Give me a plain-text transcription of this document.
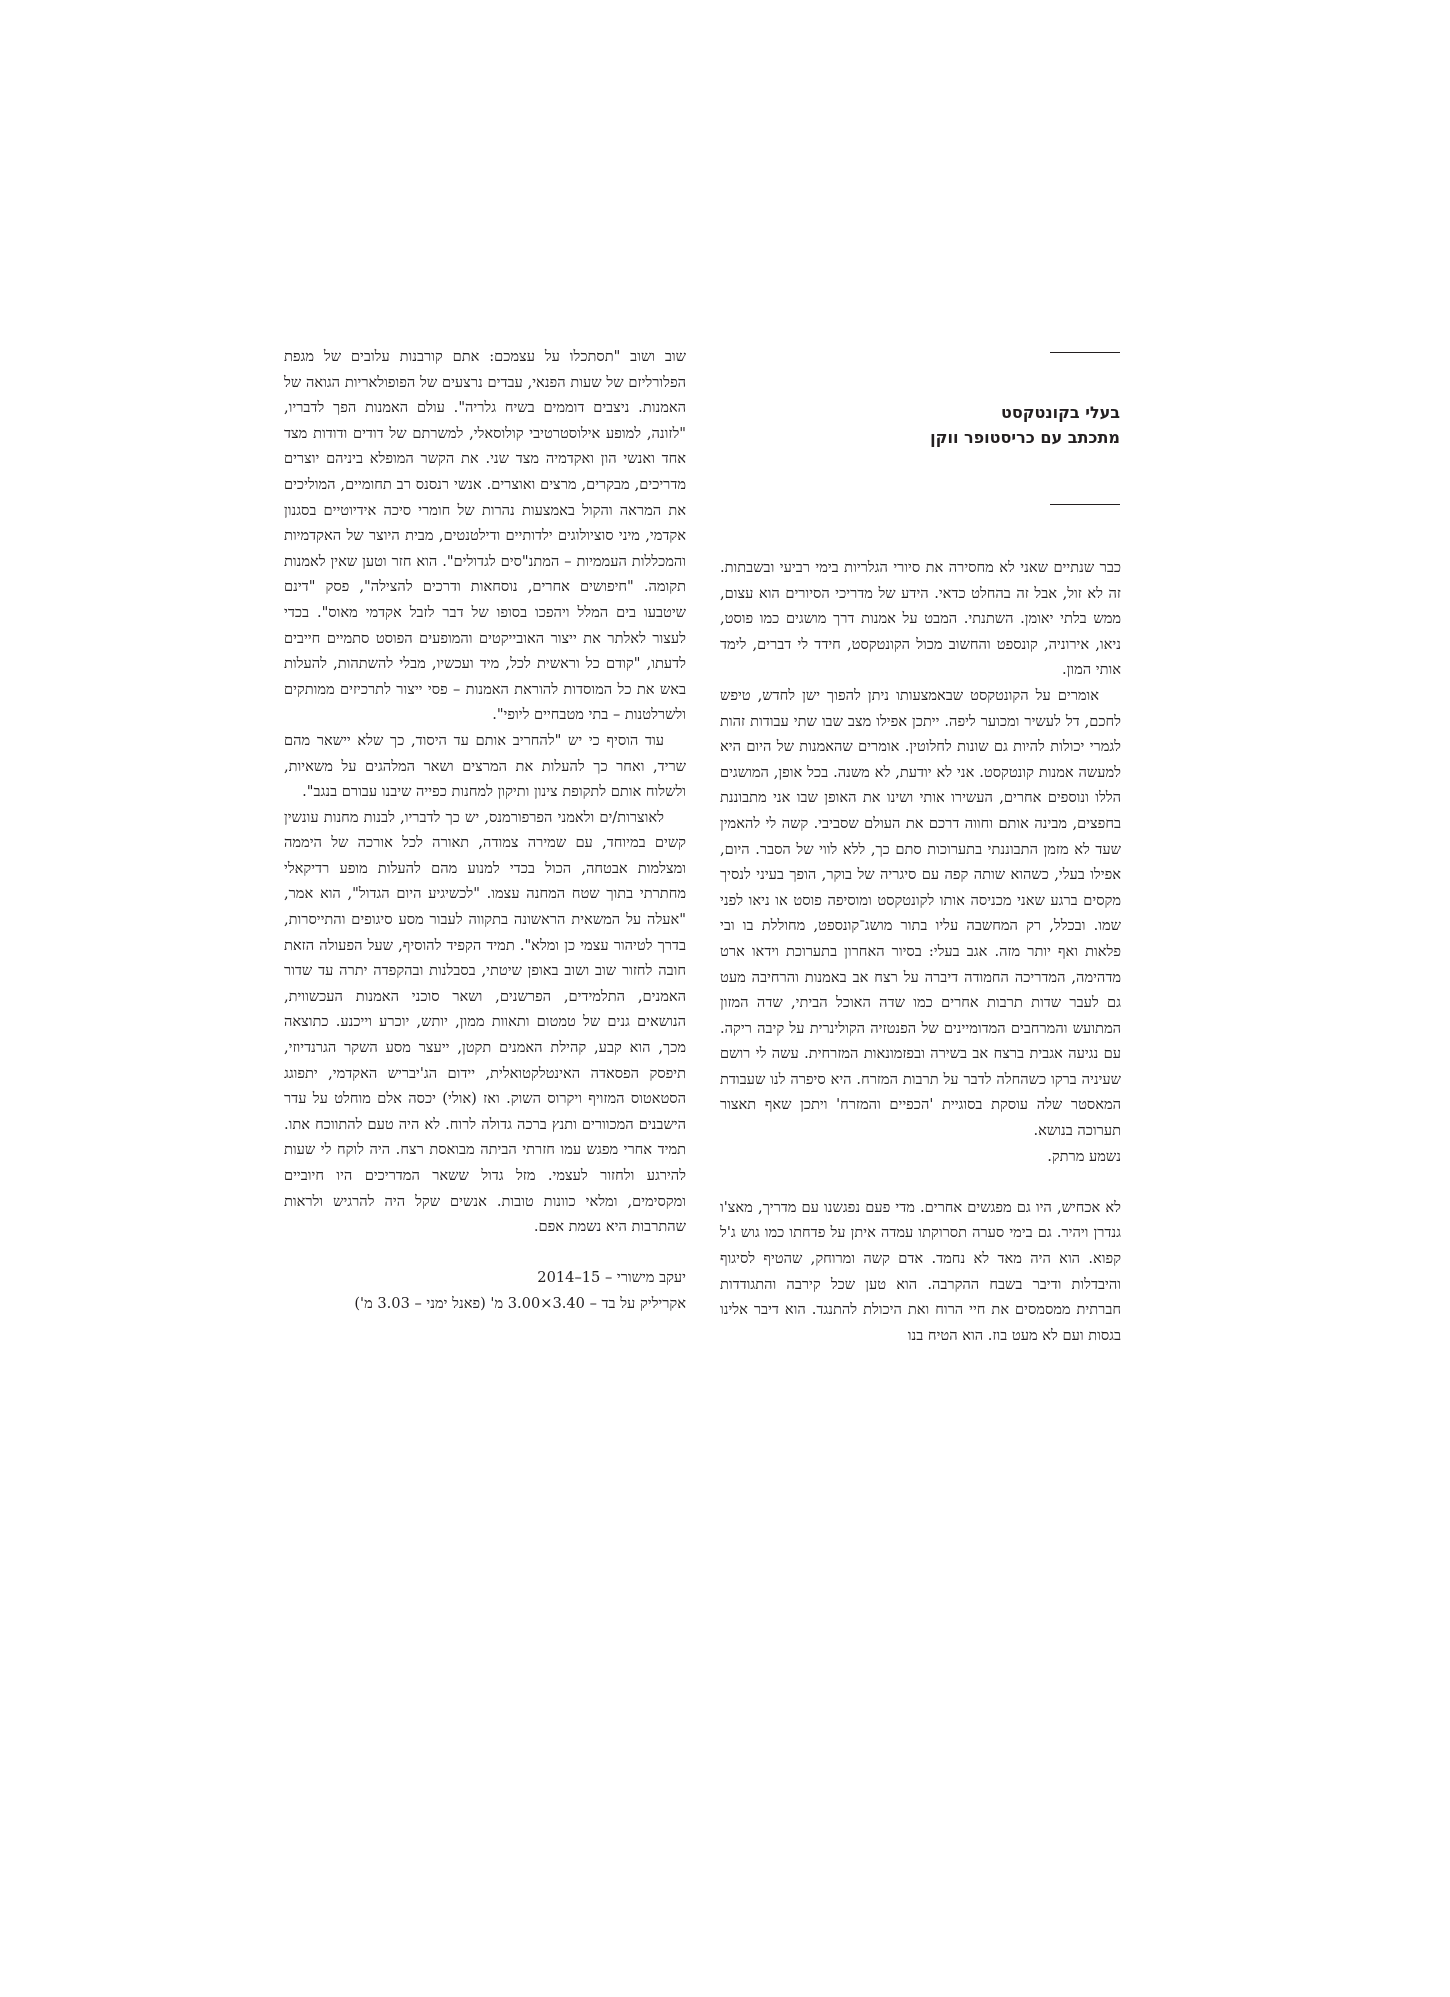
בעלי בקונטקסט
מתכתב עם כריסטופר ווקן

כבר שנתיים שאני לא מחסירה את סיורי הגלריות בימי רביעי ובשבתות. זה לא זול, אבל זה בהחלט כדאי. הידע של מדריכי הסיורים הוא עצום, ממש בלתי יאומן. השתנתי. המבט על אמנות דרך מושגים כמו פוסט, ניאו, אירוניה, קונספט והחשוב מכול הקונטקסט, חידד לי דברים, לימד אותי המון.

אומרים על הקונטקסט שבאמצעותו ניתן להפוך ישן לחדש, טיפש לחכם, דל לעשיר ומכוער ליפה. ייתכן אפילו מצב שבו שתי עבודות זהות לגמרי יכולות להיות גם שונות לחלוטין. אומרים שהאמנות של היום היא למעשה אמנות קונטקסט. אני לא יודעת, לא משנה. בכל אופן, המושגים הללו ונוספים אחרים, העשירו אותי ושינו את האופן שבו אני מתבוננת בחפצים, מבינה אותם וחווה דרכם את העולם שסביבי. קשה לי להאמין שעד לא מזמן התבוננתי בתערוכות סתם כך, ללא לווי של הסבר. היום, אפילו בעלי, כשהוא שותה קפה עם סיגריה של בוקר, הופך בעיני לנסיך מקסים ברגע שאני מכניסה אותו לקונטקסט ומוסיפה פוסט או ניאו לפני שמו. ובכלל, רק המחשבה עליו בתור מושג־קונספט, מחוללת בו ובי פלאות ואף יותר מזה. אגב בעלי: בסיור האחרון בתערוכת וידאו ארט מדהימה, המדריכה החמודה דיברה על רצח אב באמנות והרחיבה מעט גם לעבר שדות תרבות אחרים כמו שדה האוכל הביתי, שדה המזון המתועש והמרחבים המדומיינים של הפנטזיה הקולינרית על קיבה ריקה. עם נגיעה אגבית ברצח אב בשירה ובפזמונאות המזרחית. עשה לי רושם שעיניה ברקו כשהחלה לדבר על תרבות המזרח. היא סיפרה לנו שעבודת המאסטר שלה עוסקת בסוגיית 'הכפיים והמזרח' ויתכן שאף תאצור תערוכה בנושא.

נשמע מרתק.

לא אכחיש, היו גם מפגשים אחרים. מדי פעם נפגשנו עם מדריך, מאצ'ו גנדרן ויהיר. גם בימי סערה תסרוקתו עמדה איתן על פדחתו כמו גוש ג'ל קפוא. הוא היה מאד לא נחמד. אדם קשה ומרוחק, שהטיף לסיגוף והיבדלות ודיבר בשבח ההקרבה. הוא טען שכל קירבה והתגודדות חברתית ממסמסים את חיי הרוח ואת היכולת להתנגד. הוא דיבר אלינו בגסות ועם לא מעט בוז. הוא הטיח בנו

שוב ושוב "תסתכלו על עצמכם: אתם קורבנות עלובים של מגפת הפלורליזם של שעות הפנאי, עבדים נרצעים של הפופולאריות הגואה של האמנות. ניצבים דוממים בשיח גלריה". עולם האמנות הפך לדבריו, "לזונה, למופע אילוסטרטיבי קולוסאלי, למשרתם של דודים ודודות מצד אחד ואנשי הון ואקדמיה מצד שני. את הקשר המופלא ביניהם יוצרים מדריכים, מבקרים, מרצים ואוצרים. אנשי רנסנס רב תחומיים, המוליכים את המראה והקול באמצעות נהרות של חומרי סיכה אידיוטיים בסגנון אקדמי, מיני סוציולוגים ילדותיים ודילטנטים, מבית היוצר של האקדמיות והמכללות העממיות – המתנ"סים לגדולים". הוא חזר וטען שאין לאמנות תקומה. "חיפושים אחרים, נוסחאות ודרכים להצילה", פסק "דינם שיטבעו בים המלל ויהפכו בסופו של דבר לזבל אקדמי מאוס". בכדי לעצור לאלתר את ייצור האובייקטים והמופעים הפוסט סתמיים חייבים לדעתו, "קודם כל וראשית לכל, מיד ועכשיו, מבלי להשתהות, להעלות באש את כל המוסדות להוראת האמנות – פסי ייצור לתרכיזים ממותקים ולשרלטנות – בתי מטבחיים ליופי".

עוד הוסיף כי יש "להחריב אותם עד היסוד, כך שלא יישאר מהם שריד, ואחר כך להעלות את המרצים ושאר המלהגים על משאיות, ולשלוח אותם לתקופת צינון ותיקון למחנות כפייה שיבנו עבורם בנגב".

לאוצרות/ים ולאמני הפרפורמנס, יש כך לדבריו, לבנות מחנות עונשין קשים במיוחד, עם שמירה צמודה, תאורה לכל אורכה של היממה ומצלמות אבטחה, הכול בכדי למנוע מהם להעלות מופע רדיקאלי מחתרתי בתוך שטח המחנה עצמו. "לכשיגיע היום הגדול", הוא אמר, "אעלה על המשאית הראשונה בתקווה לעבור מסע סיגופים והתייסרות, בדרך לטיהור עצמי כן ומלא". תמיד הקפיד להוסיף, שעל הפעולה הזאת חובה לחזור שוב ושוב באופן שיטתי, בסבלנות ובהקפדה יתרה עד שדור האמנים, התלמידים, הפרשנים, ושאר סוכני האמנות העכשווית, הנושאים גנים של טמטום ותאוות ממון, יותש, יוכרע וייכנע. כתוצאה מכך, הוא קבע, קהילת האמנים תקטן, ייעצר מסע השקר הגרנדיוזי, תיפסק הפסאדה האינטלקטואלית, יידום הג'יבריש האקדמי, יתפוגג הסטאטוס המזויף ויקרוס השוק. ואז (אולי) יכסה אלם מוחלט על עדר הישבנים המכוורים ותנץ ברכה גדולה לרוח. לא היה טעם להתווכח אתו. תמיד אחרי מפגש עמו חזרתי הביתה מבואסת רצח. היה לוקח לי שעות להירגע ולחזור לעצמי. מזל גדול ששאר המדריכים היו חיוביים ומקסימים, ומלאי כוונות טובות. אנשים שקל היה להרגיש ולראות שהתרבות היא נשמת אפם.

יעקב מישורי – 15–2014

אקריליק על בד – 3.40×3.00 מ' (פאנל ימני – 3.03 מ')
